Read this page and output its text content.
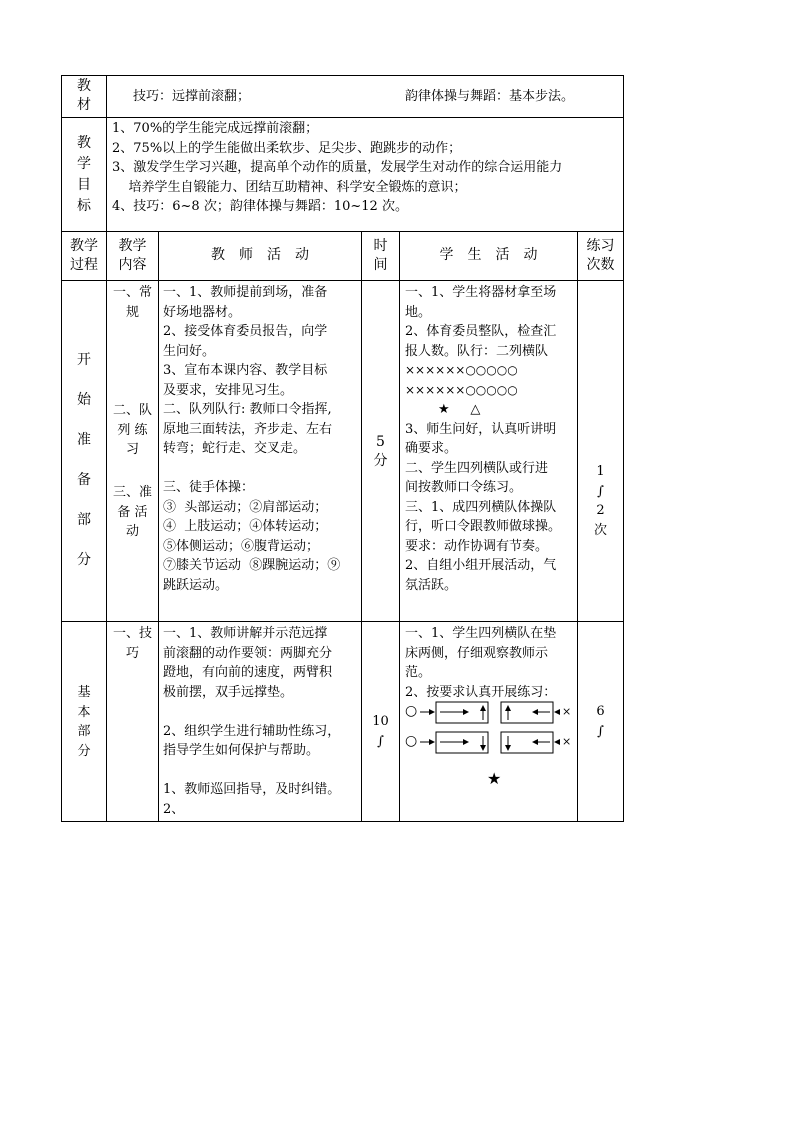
教
材
技巧：远撑前滚翻；	韵律体操与舞蹈：基本步法。
教
学
目
标
1、70%的学生能完成远撑前滚翻；
2、75%以上的学生能做出柔软步、足尖步、跑跳步的动作；
3、激发学生学习兴趣，提高单个动作的质量，发展学生对动作的综合运用能力
培养学生自锻能力、团结互助精神、科学安全锻炼的意识；
4、技巧：6~8 次；韵律体操与舞蹈：10~12 次。
教学
过程
教学
内容
教　师　活　动
时
间
学　生　活　动
练习
次数
开
始
准
备
部
分
一、常
规
二、队
列 练
习
三、准
备 活
动
一、1、教师提前到场，准备
好场地器材。
2、接受体育委员报告，向学
生问好。
3、宣布本课内容、教学目标
及要求，安排见习生。
二、队列队行: 教师口令指挥,
原地三面转法，齐步走、左右
转弯；蛇行走、交叉走。
三、徒手体操：
③  头部运动；②肩部运动；
④  上肢运动；④体转运动；
⑤体侧运动；⑥腹背运动；
⑦膝关节运动  ⑧踝腕运动；⑨
跳跃运动。
5
分
一、1、学生将器材拿至场
地。
2、体育委员整队，检查汇
报人数。队行：二列横队
××××××○○○○○
××××××○○○○○
★     △
3、师生问好，认真听讲明
确要求。
二、学生四列横队或行进
间按教师口令练习。
三、1、成四列横队体操队
行，听口令跟教师做球操。
要求：动作协调有节奏。
2、自组小组开展活动，气
氛活跃。
1
∫
2
次
基
本
部
分
一、技
巧
一、1、教师讲解并示范远撑
前滚翻的动作要领：两脚充分
蹬地，有向前的速度，两臂积
极前摆，双手远撑垫。
2、组织学生进行辅助性练习，
指导学生如何保护与帮助。
1、教师巡回指导，及时纠错。
2、
10
∫
一、1、学生四列横队在垫
床两侧，仔细观察教师示
范。
2、按要求认真开展练习：
○
○
×
×
★
6
∫
